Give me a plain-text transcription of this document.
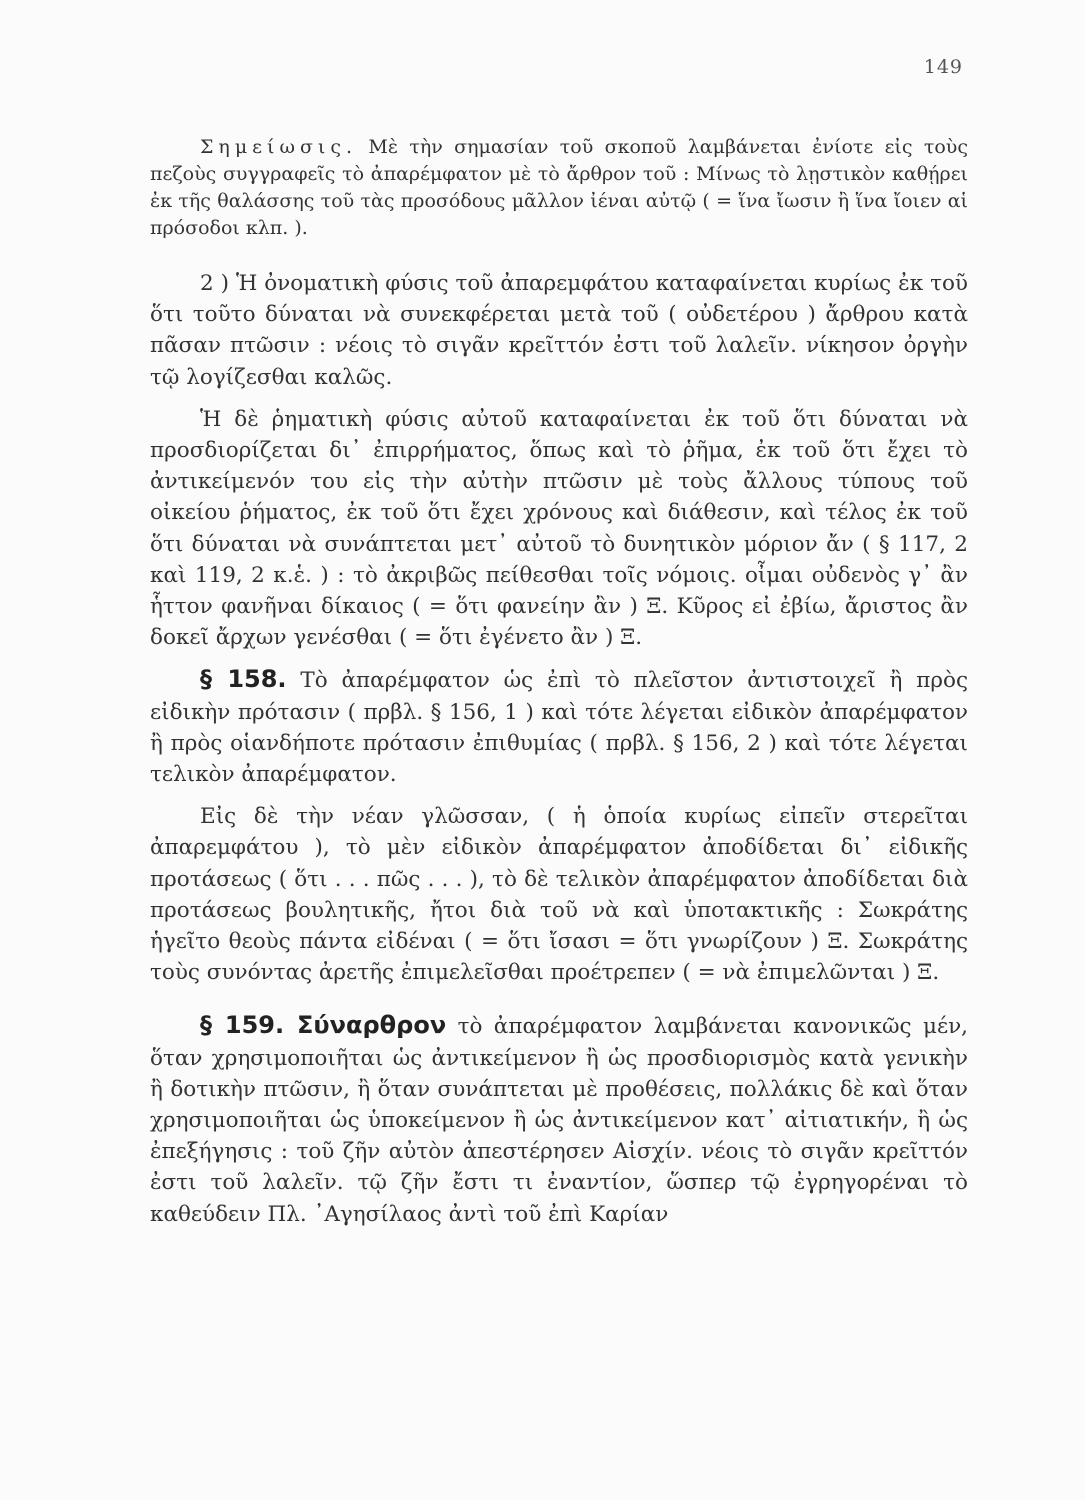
149

Σημείωσις. Μὲ τὴν σημασίαν τοῦ σκοποῦ λαμβάνεται ἐνίοτε εἰς τοὺς πεζοὺς συγγραφεῖς τὸ ἀπαρέμφατον μὲ τὸ ἄρθρον τοῦ : Μίνως τὸ λῃστικὸν καθῄρει ἐκ τῆς θαλάσσης τοῦ τὰς προσόδους μᾶλλον ἰέναι αὐτῷ ( = ἵνα ἴωσιν ἢ ἵνα ἴοιεν αἱ πρόσοδοι κλπ. ).

2 ) Ἡ ὀνοματικὴ φύσις τοῦ ἀπαρεμφάτου καταφαίνεται κυρίως ἐκ τοῦ ὅτι τοῦτο δύναται νὰ συνεκφέρεται μετὰ τοῦ ( οὐδετέρου ) ἄρθρου κατὰ πᾶσαν πτῶσιν : νέοις τὸ σιγᾶν κρεῖττόν ἐστι τοῦ λαλεῖν. νίκησον ὀργὴν τῷ λογίζεσθαι καλῶς.

Ἡ δὲ ῥηματικὴ φύσις αὐτοῦ καταφαίνεται ἐκ τοῦ ὅτι δύναται νὰ προσδιορίζεται δι᾽ ἐπιρρήματος, ὅπως καὶ τὸ ῥῆμα, ἐκ τοῦ ὅτι ἔχει τὸ ἀντικείμενόν του εἰς τὴν αὐτὴν πτῶσιν μὲ τοὺς ἄλλους τύπους τοῦ οἰκείου ῥήματος, ἐκ τοῦ ὅτι ἔχει χρόνους καὶ διάθεσιν, καὶ τέλος ἐκ τοῦ ὅτι δύναται νὰ συνάπτεται μετ᾽ αὐτοῦ τὸ δυνητικὸν μόριον ἄν ( § 117, 2 καὶ 119, 2 κ.ἑ. ) : τὸ ἀκριβῶς πείθεσθαι τοῖς νόμοις. οἶμαι οὐδενὸς γ᾽ ἂν ἧττον φανῆναι δίκαιος ( = ὅτι φανείην ἂν ) Ξ. Κῦρος εἰ ἐβίω, ἄριστος ἂν δοκεῖ ἄρχων γενέσθαι ( = ὅτι ἐγένετο ἂν ) Ξ.

§ 158. Τὸ ἀπαρέμφατον ὡς ἐπὶ τὸ πλεῖστον ἀντιστοιχεῖ ἢ πρὸς εἰδικὴν πρότασιν ( πρβλ. § 156, 1 ) καὶ τότε λέγεται εἰδικὸν ἀπαρέμφατον ἢ πρὸς οἱανδήποτε πρότασιν ἐπιθυμίας ( πρβλ. § 156, 2 ) καὶ τότε λέγεται τελικὸν ἀπαρέμφατον.

Εἰς δὲ τὴν νέαν γλῶσσαν, ( ἡ ὁποία κυρίως εἰπεῖν στερεῖται ἀπαρεμφάτου ), τὸ μὲν εἰδικὸν ἀπαρέμφατον ἀποδίδεται δι᾽ εἰδικῆς προτάσεως ( ὅτι . . . πῶς . . . ), τὸ δὲ τελικὸν ἀπαρέμφατον ἀποδίδεται διὰ προτάσεως βουλητικῆς, ἤτοι διὰ τοῦ νὰ καὶ ὑποτακτικῆς : Σωκράτης ἡγεῖτο θεοὺς πάντα εἰδέναι ( = ὅτι ἴσασι = ὅτι γνωρίζουν ) Ξ. Σωκράτης τοὺς συνόντας ἀρετῆς ἐπιμελεῖσθαι προέτρεπεν ( = νὰ ἐπιμελῶνται ) Ξ.

§ 159. Σύναρθρον τὸ ἀπαρέμφατον λαμβάνεται κανονικῶς μέν, ὅταν χρησιμοποιῆται ὡς ἀντικείμενον ἢ ὡς προσδιορισμὸς κατὰ γενικὴν ἢ δοτικὴν πτῶσιν, ἢ ὅταν συνάπτεται μὲ προθέσεις, πολλάκις δὲ καὶ ὅταν χρησιμοποιῆται ὡς ὑποκείμενον ἢ ὡς ἀντικείμενον κατ᾽ αἰτιατικήν, ἢ ὡς ἐπεξήγησις : τοῦ ζῆν αὐτὸν ἀπεστέρησεν Αἰσχίν. νέοις τὸ σιγᾶν κρεῖττόν ἐστι τοῦ λαλεῖν. τῷ ζῆν ἔστι τι ἐναντίον, ὥσπερ τῷ ἐγρηγορέναι τὸ καθεύδειν Πλ. ᾿Αγησίλαος ἀντὶ τοῦ ἐπὶ Καρίαν
